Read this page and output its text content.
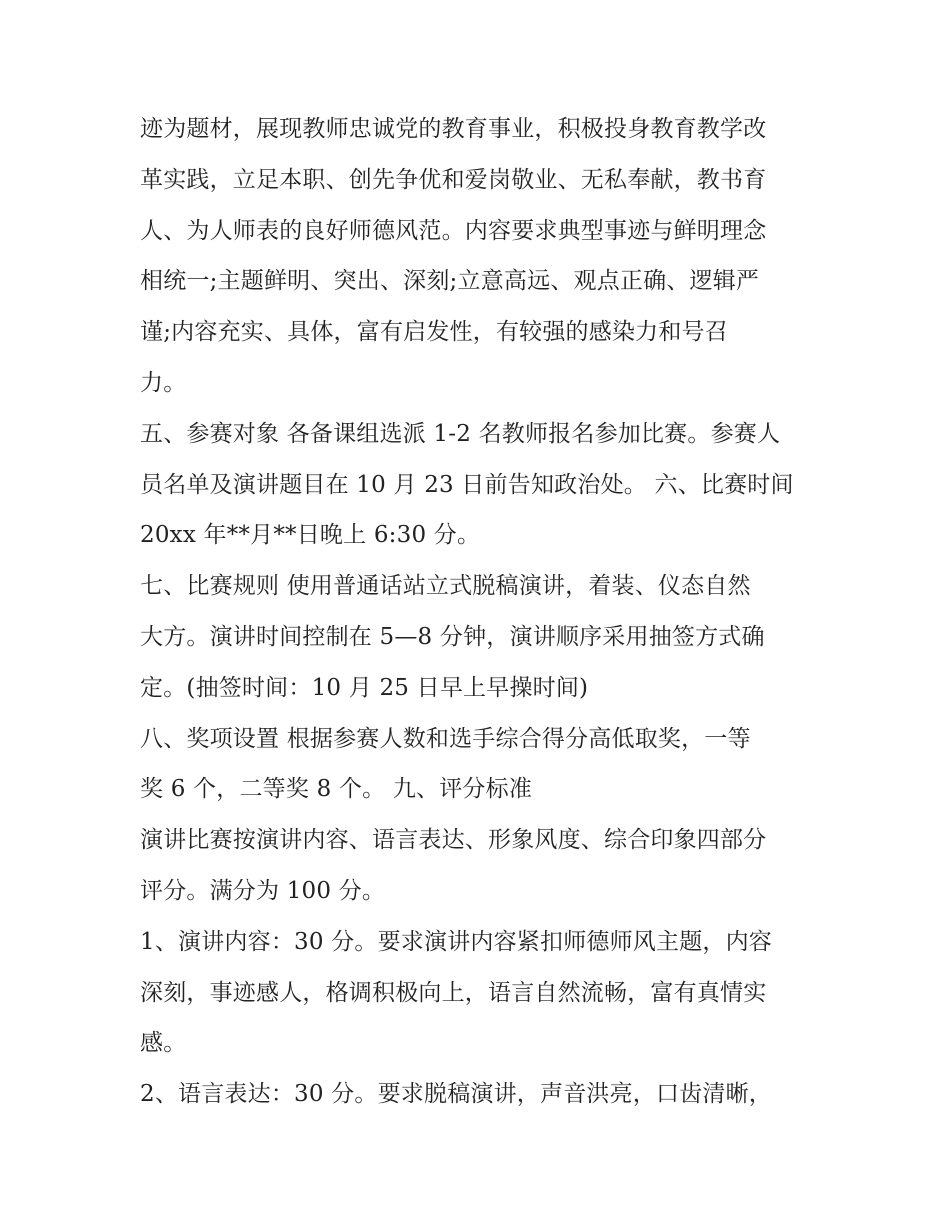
迹为题材，展现教师忠诚党的教育事业，积极投身教育教学改
革实践，立足本职、创先争优和爱岗敬业、无私奉献，教书育
人、为人师表的良好师德风范。内容要求典型事迹与鲜明理念
相统一;主题鲜明、突出、深刻;立意高远、观点正确、逻辑严
谨;内容充实、具体，富有启发性，有较强的感染力和号召
力。
五、参赛对象 各备课组选派 1-2 名教师报名参加比赛。参赛人
员名单及演讲题目在 10 月 23 日前告知政治处。 六、比赛时间
20xx 年**月**日晚上 6:30 分。
七、比赛规则 使用普通话站立式脱稿演讲，着装、仪态自然
大方。演讲时间控制在 5—8 分钟，演讲顺序采用抽签方式确
定。(抽签时间：10 月 25 日早上早操时间)
八、奖项设置 根据参赛人数和选手综合得分高低取奖，一等
奖 6 个，二等奖 8 个。 九、评分标准
演讲比赛按演讲内容、语言表达、形象风度、综合印象四部分
评分。满分为 100 分。
1、演讲内容：30 分。要求演讲内容紧扣师德师风主题，内容
深刻，事迹感人，格调积极向上，语言自然流畅，富有真情实
感。
2、语言表达：30 分。要求脱稿演讲，声音洪亮，口齿清晰，
